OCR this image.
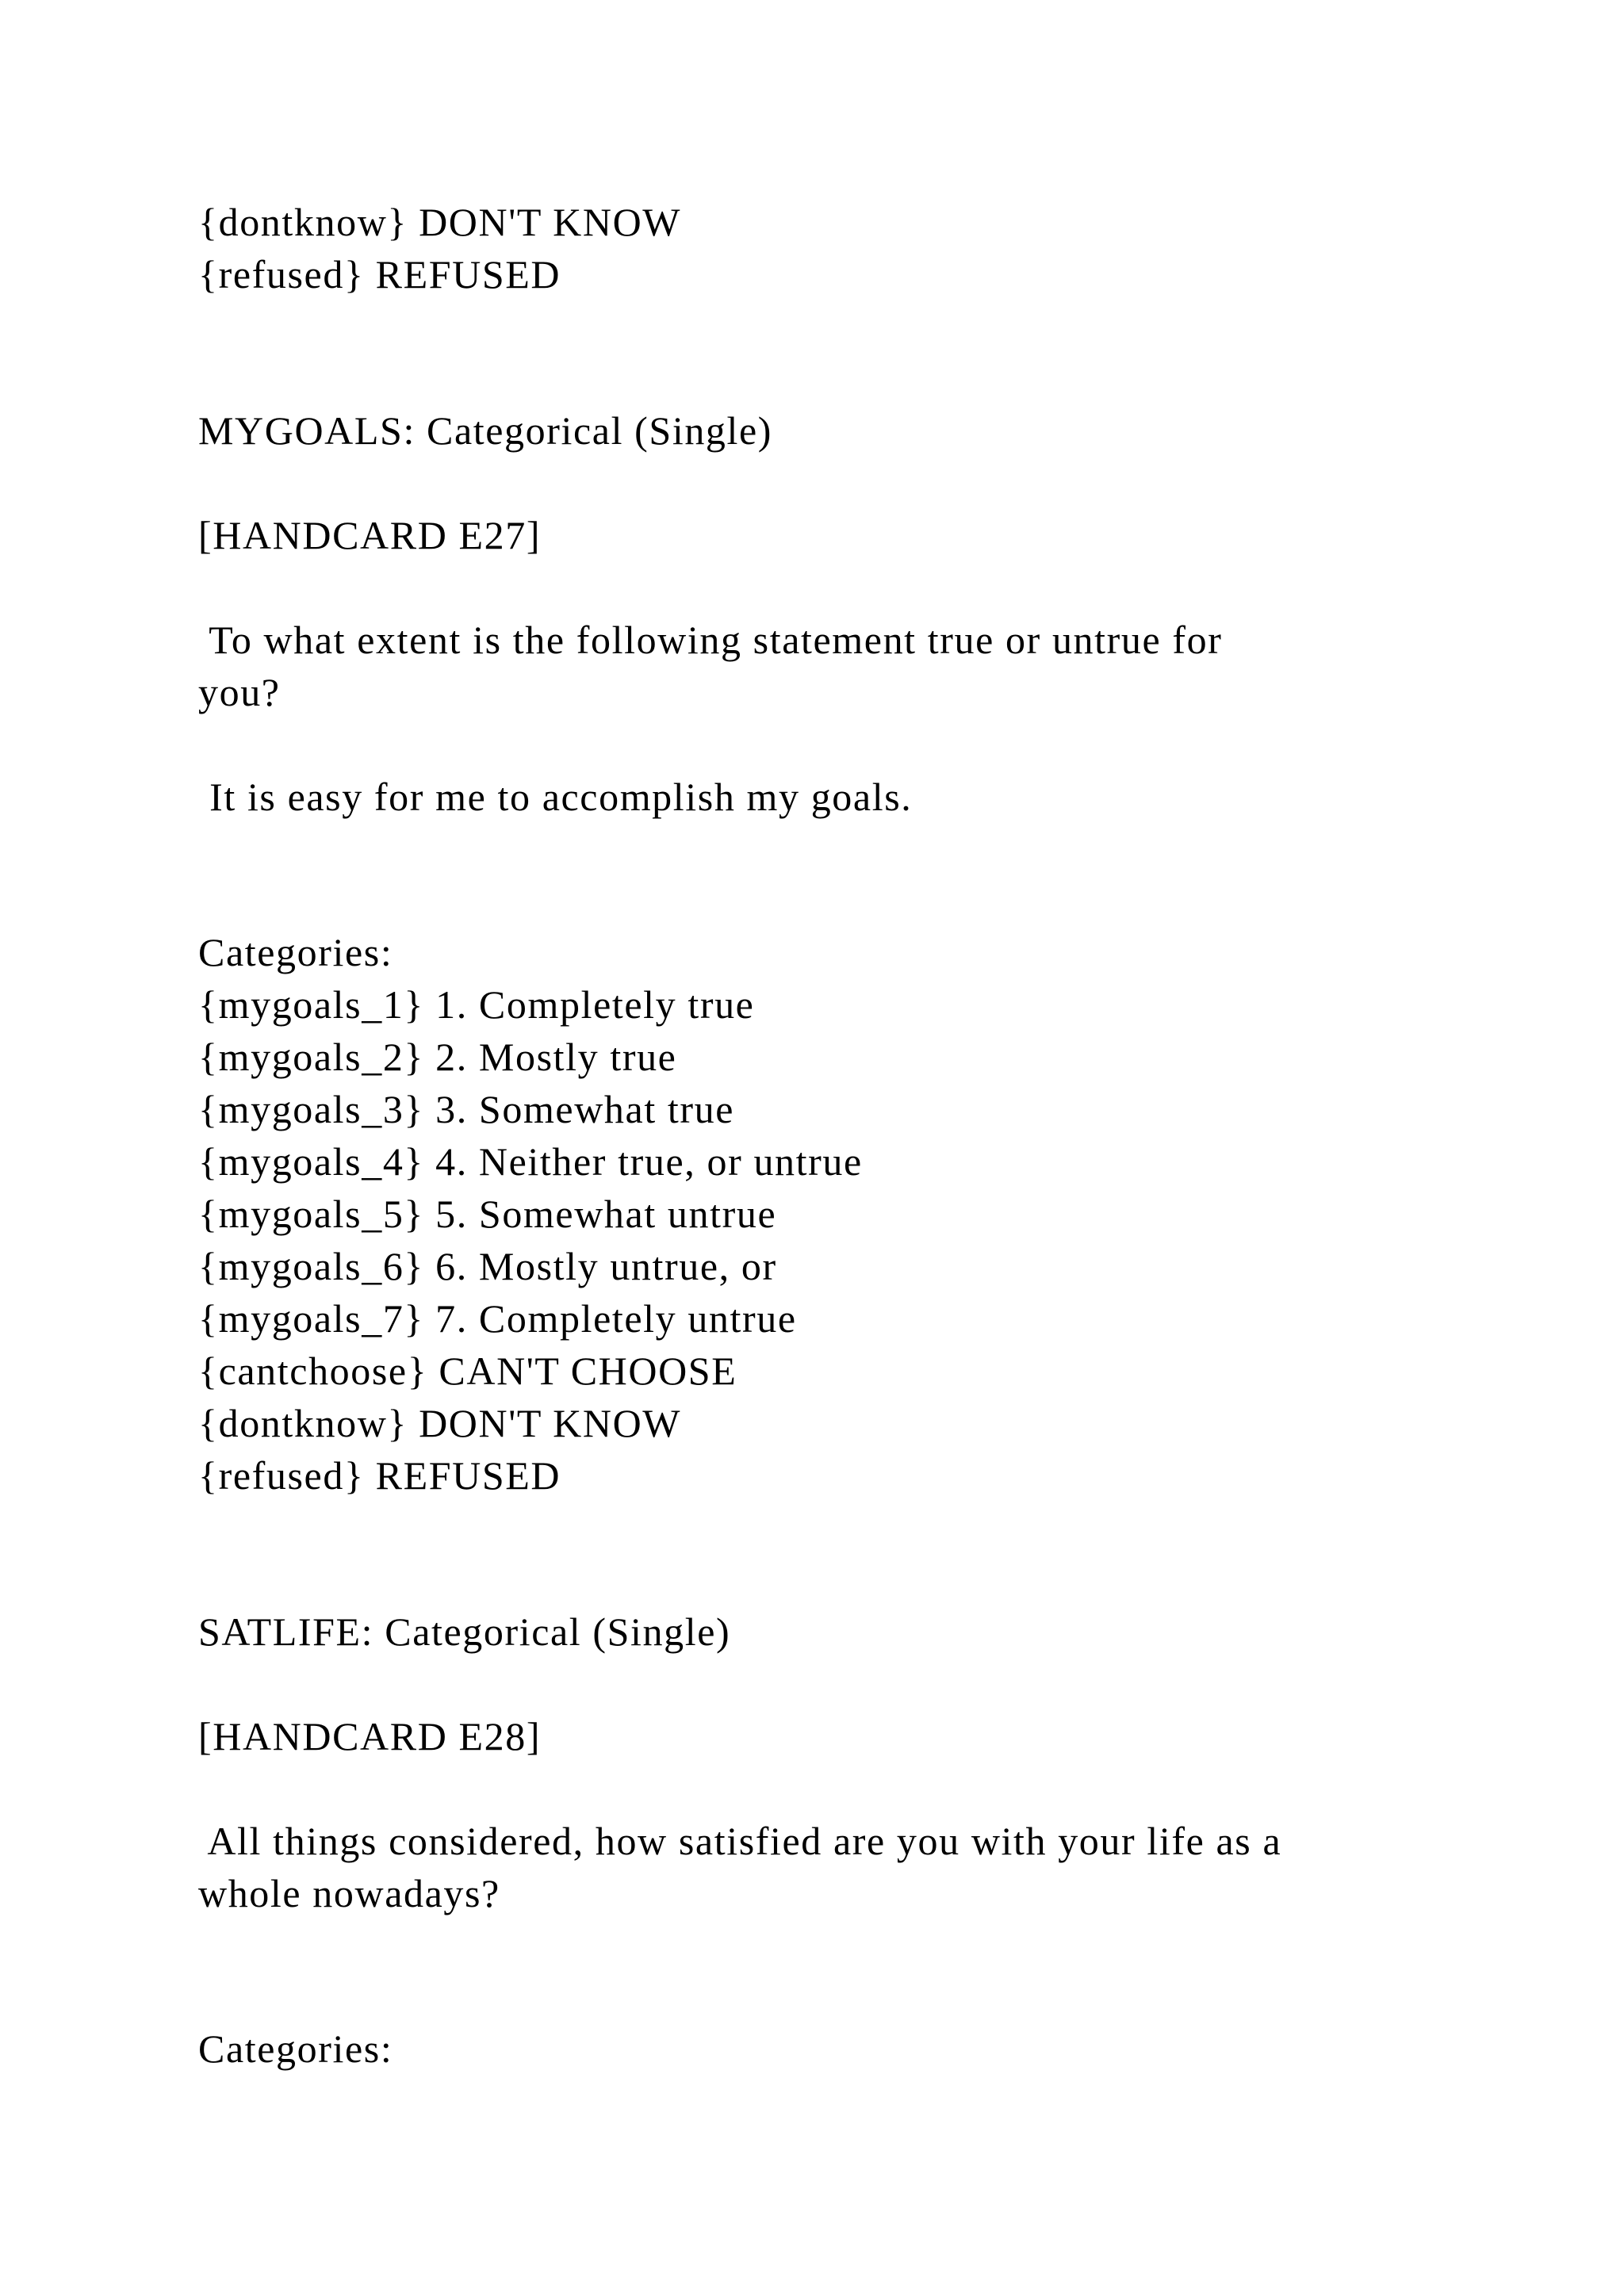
{dontknow} DON'T KNOW
{refused} REFUSED
MYGOALS: Categorical (Single)
[HANDCARD E27]
To what extent is the following statement true or untrue for
you?
It is easy for me to accomplish my goals.
Categories:
{mygoals_1} 1. Completely true
{mygoals_2} 2. Mostly true
{mygoals_3} 3. Somewhat true
{mygoals_4} 4. Neither true, or untrue
{mygoals_5} 5. Somewhat untrue
{mygoals_6} 6. Mostly untrue, or
{mygoals_7} 7. Completely untrue
{cantchoose} CAN'T CHOOSE
{dontknow} DON'T KNOW
{refused} REFUSED
SATLIFE: Categorical (Single)
[HANDCARD E28]
All things considered, how satisfied are you with your life as a
whole nowadays?
Categories:
